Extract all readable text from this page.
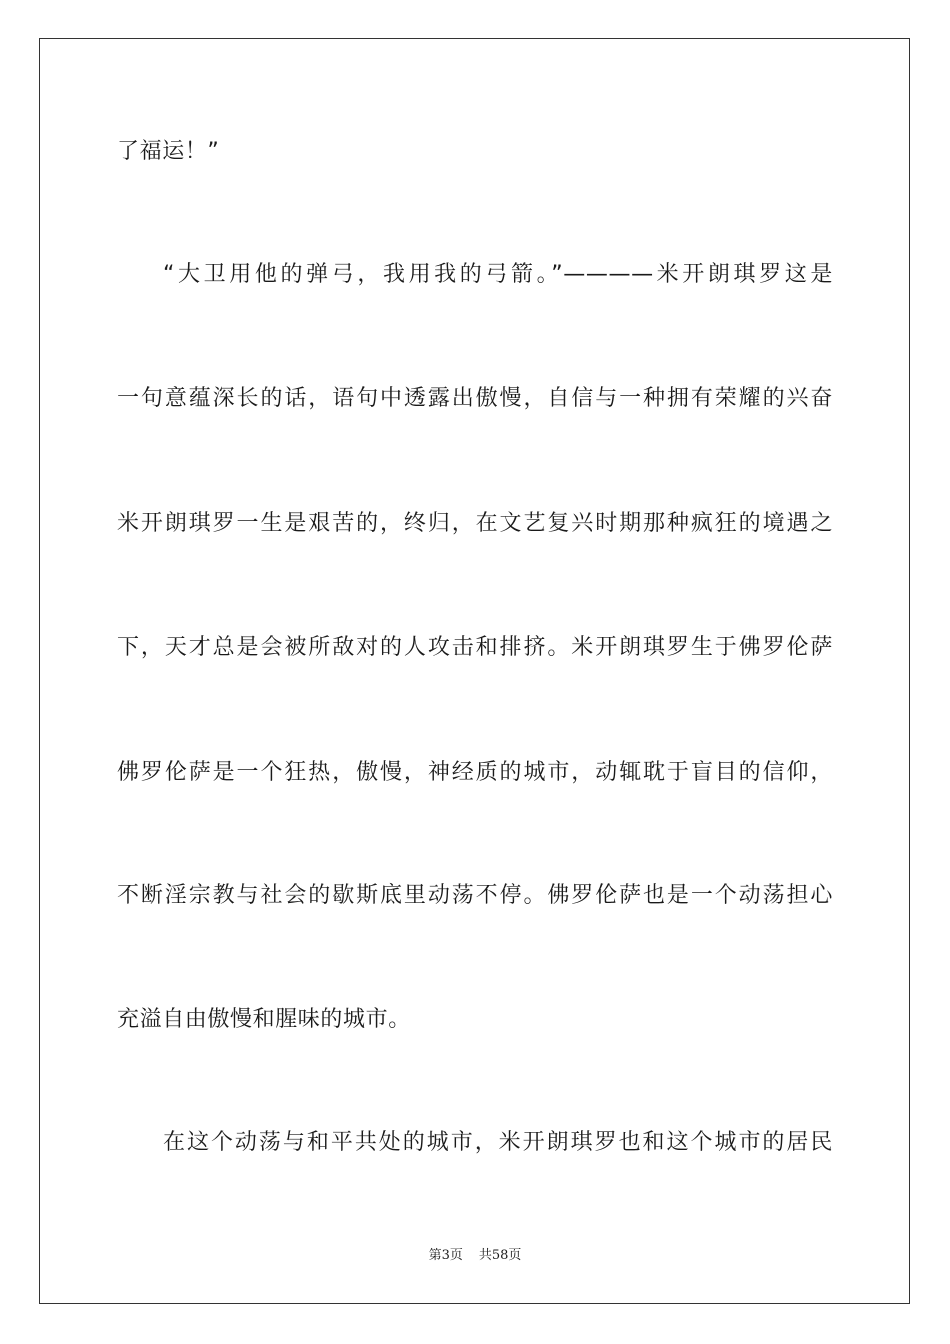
了福运！”
“大卫用他的弹弓，我用我的弓箭。”————米开朗琪罗这是
一句意蕴深长的话，语句中透露出傲慢，自信与一种拥有荣耀的兴奋
米开朗琪罗一生是艰苦的，终归，在文艺复兴时期那种疯狂的境遇之
下，天才总是会被所敌对的人攻击和排挤。米开朗琪罗生于佛罗伦萨
佛罗伦萨是一个狂热，傲慢，神经质的城市，动辄耽于盲目的信仰，
不断淫宗教与社会的歇斯底里动荡不停。佛罗伦萨也是一个动荡担心
充溢自由傲慢和腥味的城市。
在这个动荡与和平共处的城市，米开朗琪罗也和这个城市的居民
第3页 共58页
